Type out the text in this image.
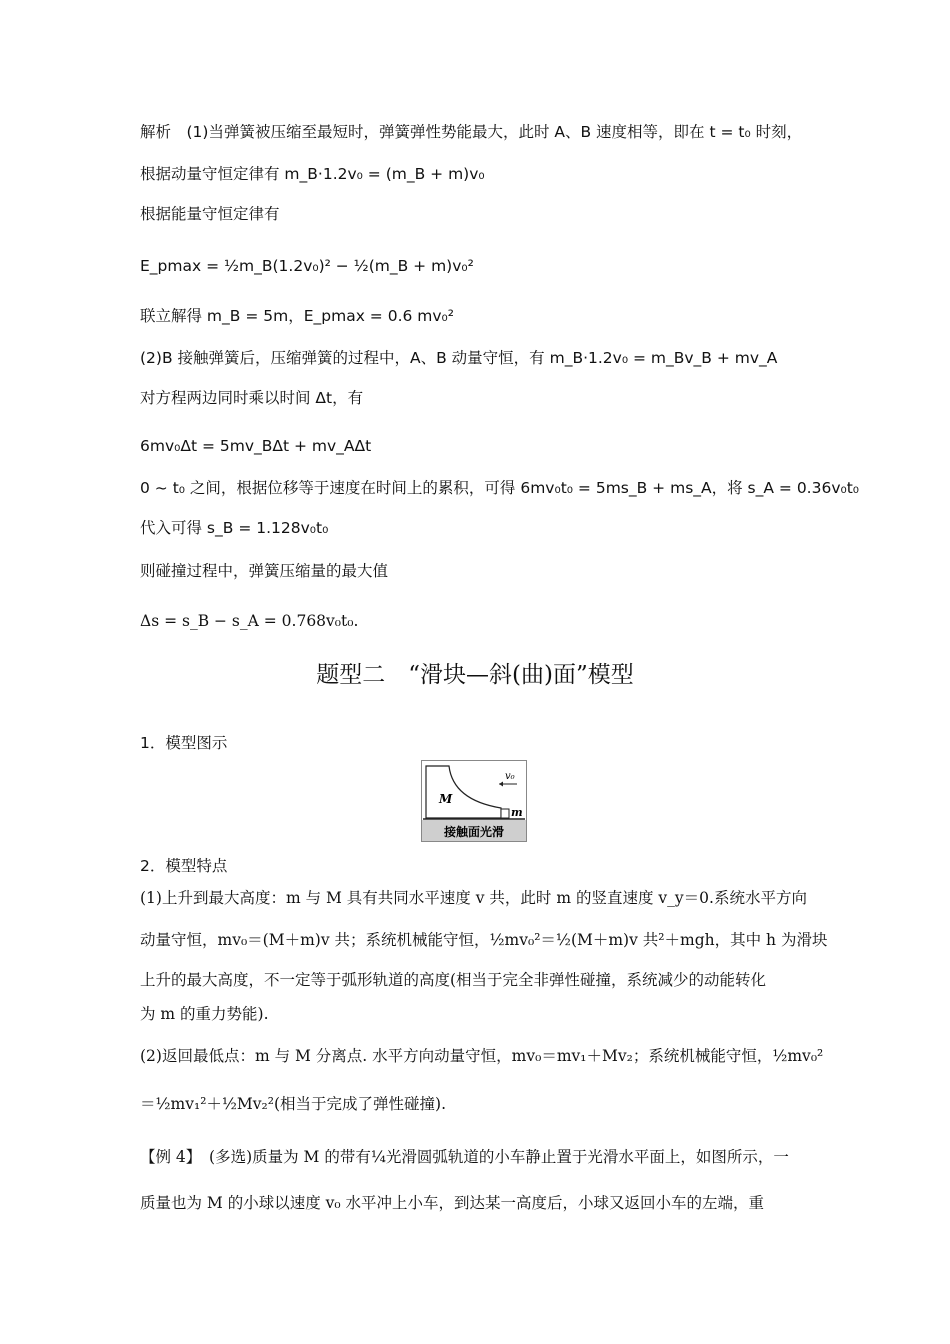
解析　(1)当弹簧被压缩至最短时，弹簧弹性势能最大，此时 A、B 速度相等，即在 t = t₀ 时刻，
根据动量守恒定律有 m_B·1.2v₀ = (m_B + m)v₀
根据能量守恒定律有
E_pmax = ½m_B(1.2v₀)² − ½(m_B + m)v₀²
联立解得 m_B = 5m，E_pmax = 0.6 mv₀²
(2)B 接触弹簧后，压缩弹簧的过程中，A、B 动量守恒，有 m_B·1.2v₀ = m_Bv_B + mv_A
对方程两边同时乘以时间 Δt，有
6mv₀Δt = 5mv_BΔt + mv_AΔt
0 ~ t₀ 之间，根据位移等于速度在时间上的累积，可得 6mv₀t₀ = 5ms_B + ms_A，将 s_A = 0.36v₀t₀
代入可得 s_B = 1.128v₀t₀
则碰撞过程中，弹簧压缩量的最大值
Δs = s_B − s_A = 0.768v₀t₀.
题型二　“滑块—斜(曲)面”模型
1．模型图示
v₀
M
m
接触面光滑
2．模型特点
(1)上升到最大高度：m 与 M 具有共同水平速度 v 共，此时 m 的竖直速度 v_y＝0.系统水平方向
动量守恒，mv₀＝(M＋m)v 共；系统机械能守恒，½mv₀²＝½(M＋m)v 共²＋mgh，其中 h 为滑块
上升的最大高度，不一定等于弧形轨道的高度(相当于完全非弹性碰撞，系统减少的动能转化
为 m 的重力势能).
(2)返回最低点：m 与 M 分离点. 水平方向动量守恒，mv₀＝mv₁＋Mv₂；系统机械能守恒，½mv₀²
＝½mv₁²＋½Mv₂²(相当于完成了弹性碰撞).
【例 4】　(多选)质量为 M 的带有¼光滑圆弧轨道的小车静止置于光滑水平面上，如图所示，一
质量也为 M 的小球以速度 v₀ 水平冲上小车，到达某一高度后，小球又返回小车的左端，重
